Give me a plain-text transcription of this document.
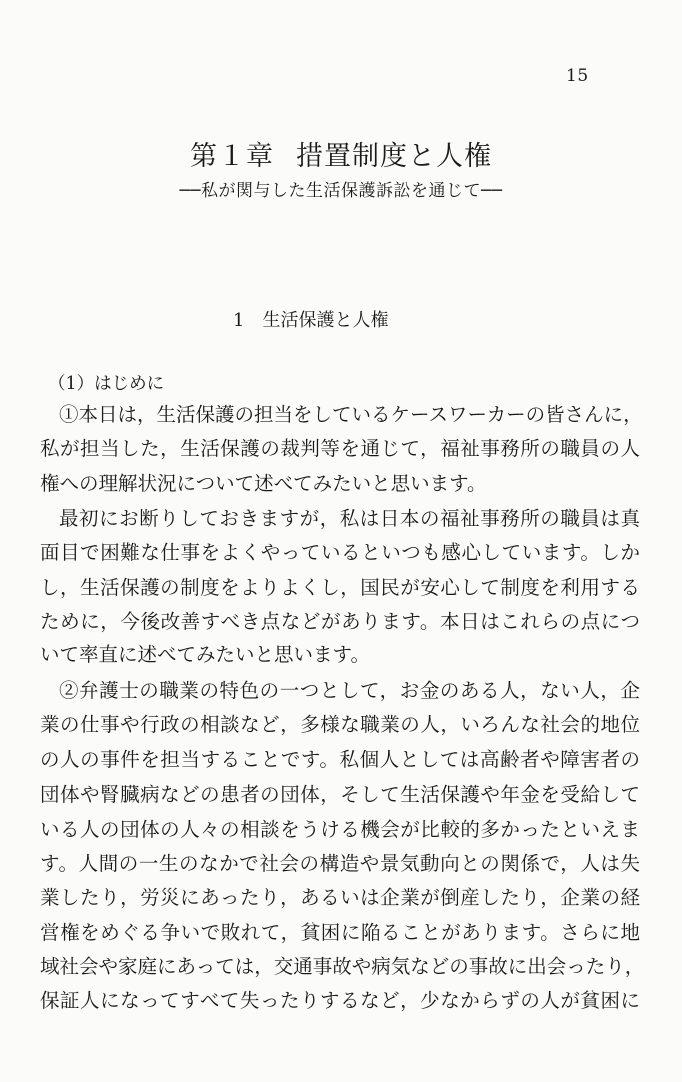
15
第１章 措置制度と人権
──私が関与した生活保護訴訟を通じて──
1 生活保護と人権
（1）はじめに
①本日は，生活保護の担当をしているケースワーカーの皆さんに，
私が担当した，生活保護の裁判等を通じて，福祉事務所の職員の人
権への理解状況について述べてみたいと思います。
最初にお断りしておきますが，私は日本の福祉事務所の職員は真
面目で困難な仕事をよくやっているといつも感心しています。しか
し，生活保護の制度をよりよくし，国民が安心して制度を利用する
ために，今後改善すべき点などがあります。本日はこれらの点につ
いて率直に述べてみたいと思います。
②弁護士の職業の特色の一つとして，お金のある人，ない人，企
業の仕事や行政の相談など，多様な職業の人，いろんな社会的地位
の人の事件を担当することです。私個人としては高齢者や障害者の
団体や腎臓病などの患者の団体，そして生活保護や年金を受給して
いる人の団体の人々の相談をうける機会が比較的多かったといえま
す。人間の一生のなかで社会の構造や景気動向との関係で，人は失
業したり，労災にあったり，あるいは企業が倒産したり，企業の経
営権をめぐる争いで敗れて，貧困に陥ることがあります。さらに地
域社会や家庭にあっては，交通事故や病気などの事故に出会ったり，
保証人になってすべて失ったりするなど，少なからずの人が貧困に
